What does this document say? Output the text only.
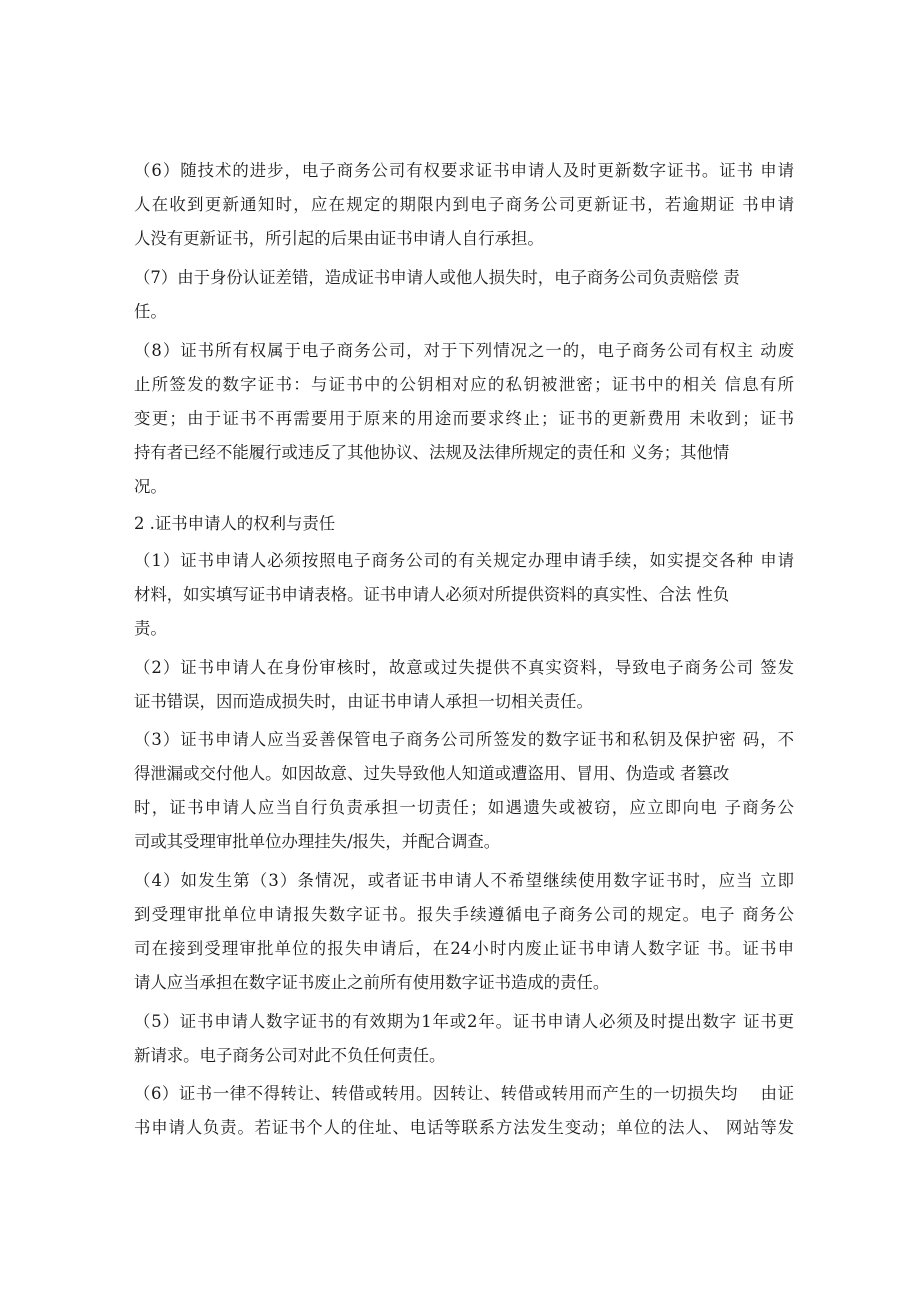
（6）随技术的进步，电子商务公司有权要求证书申请人及时更新数字证书。证书 申请
人在收到更新通知时，应在规定的期限内到电子商务公司更新证书，若逾期证 书申请
人没有更新证书，所引起的后果由证书申请人自行承担。
（7）由于身份认证差错，造成证书申请人或他人损失时，电子商务公司负责赔偿 责
任。
（8）证书所有权属于电子商务公司，对于下列情况之一的，电子商务公司有权主 动废
止所签发的数字证书：与证书中的公钥相对应的私钥被泄密；证书中的相关 信息有所
变更；由于证书不再需要用于原来的用途而要求终止；证书的更新费用 未收到；证书
持有者已经不能履行或违反了其他协议、法规及法律所规定的责任和 义务；其他情
况。
2 .证书申请人的权利与责任
（1）证书申请人必须按照电子商务公司的有关规定办理申请手续，如实提交各种 申请
材料，如实填写证书申请表格。证书申请人必须对所提供资料的真实性、合法 性负
责。
（2）证书申请人在身份审核时，故意或过失提供不真实资料，导致电子商务公司 签发
证书错误，因而造成损失时，由证书申请人承担一切相关责任。
（3）证书申请人应当妥善保管电子商务公司所签发的数字证书和私钥及保护密 码，不
得泄漏或交付他人。如因故意、过失导致他人知道或遭盗用、冒用、伪造或 者篡改
时，证书申请人应当自行负责承担一切责任；如遇遗失或被窃，应立即向电 子商务公
司或其受理审批单位办理挂失/报失，并配合调查。
（4）如发生第（3）条情况，或者证书申请人不希望继续使用数字证书时，应当 立即
到受理审批单位申请报失数字证书。报失手续遵循电子商务公司的规定。电子 商务公
司在接到受理审批单位的报失申请后，在24小时内废止证书申请人数字证 书。证书申
请人应当承担在数字证书废止之前所有使用数字证书造成的责任。
（5）证书申请人数字证书的有效期为1年或2年。证书申请人必须及时提出数字 证书更
新请求。电子商务公司对此不负任何责任。
（6）证书一律不得转让、转借或转用。因转让、转借或转用而产生的一切损失均　 由证
书申请人负责。若证书个人的住址、电话等联系方法发生变动；单位的法人、 网站等发
